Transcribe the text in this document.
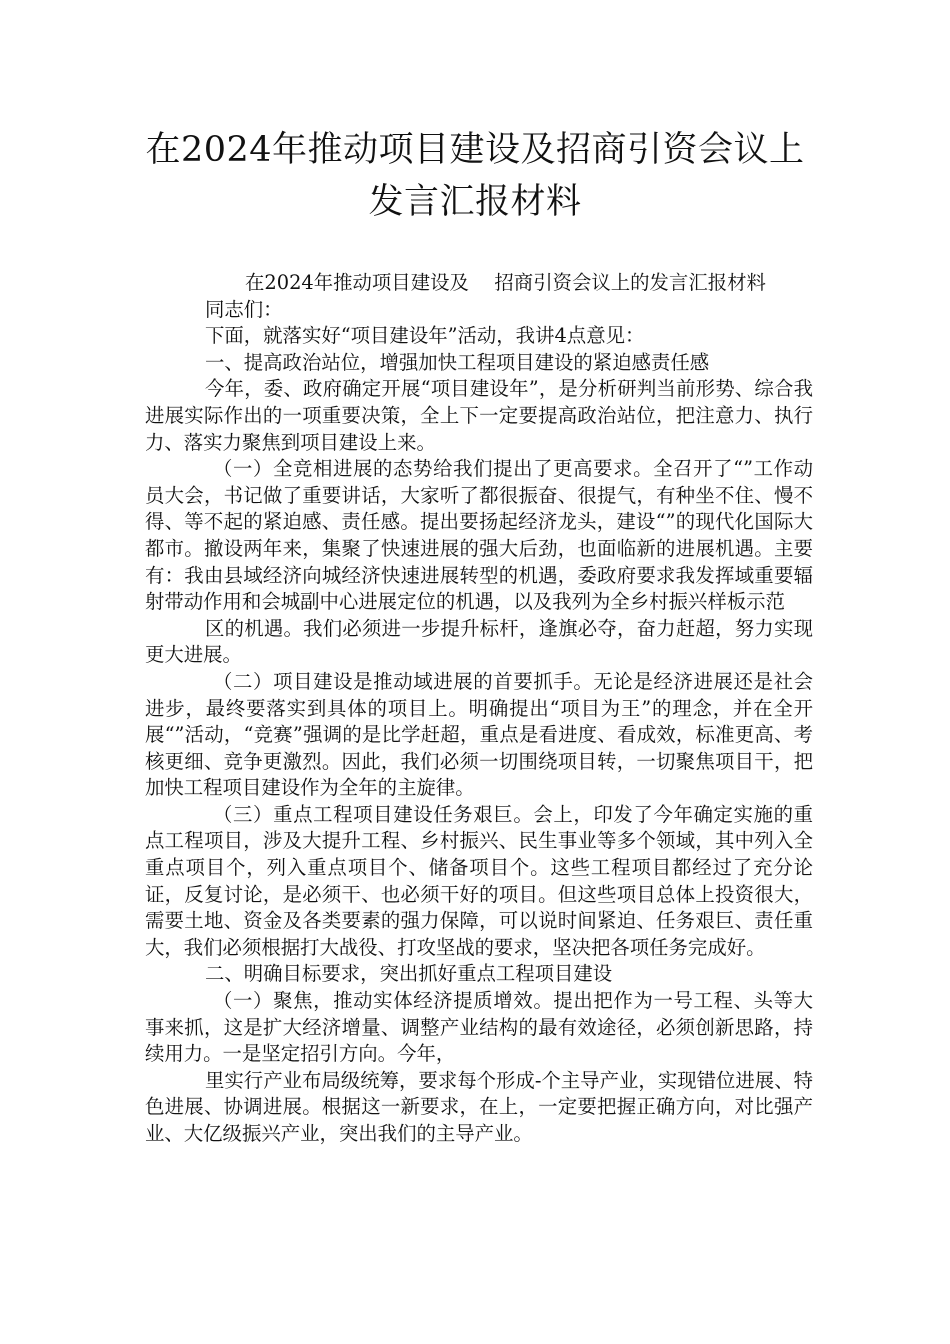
在2024年推动项目建设及招商引资会议上
发言汇报材料

在2024年推动项目建设及　 招商引资会议上的发言汇报材料

同志们：

下面，就落实好“项目建设年”活动，我讲4点意见：

一、提高政治站位，增强加快工程项目建设的紧迫感责任感

今年，委、政府确定开展“项目建设年”，是分析研判当前形势、综合我进展实际作出的一项重要决策，全上下一定要提高政治站位，把注意力、执行力、落实力聚焦到项目建设上来。

（一）全竞相进展的态势给我们提出了更高要求。全召开了“”工作动员大会，书记做了重要讲话，大家听了都很振奋、很提气，有种坐不住、慢不得、等不起的紧迫感、责任感。提出要扬起经济龙头，建设“”的现代化国际大都市。撤设两年来，集聚了快速进展的强大后劲，也面临新的进展机遇。主要有：我由县域经济向城经济快速进展转型的机遇，委政府要求我发挥域重要辐射带动作用和会城副中心进展定位的机遇，以及我列为全乡村振兴样板示范

区的机遇。我们必须进一步提升标杆，逢旗必夺，奋力赶超，努力实现更大进展。

（二）项目建设是推动域进展的首要抓手。无论是经济进展还是社会进步，最终要落实到具体的项目上。明确提出“项目为王”的理念，并在全开展“”活动，“竞赛”强调的是比学赶超，重点是看进度、看成效，标准更高、考核更细、竞争更激烈。因此，我们必须一切围绕项目转，一切聚焦项目干，把加快工程项目建设作为全年的主旋律。

（三）重点工程项目建设任务艰巨。会上，印发了今年确定实施的重点工程项目，涉及大提升工程、乡村振兴、民生事业等多个领域，其中列入全重点项目个，列入重点项目个、储备项目个。这些工程项目都经过了充分论证，反复讨论，是必须干、也必须干好的项目。但这些项目总体上投资很大，需要土地、资金及各类要素的强力保障，可以说时间紧迫、任务艰巨、责任重大，我们必须根据打大战役、打攻坚战的要求，坚决把各项任务完成好。

二、明确目标要求，突出抓好重点工程项目建设

（一）聚焦，推动实体经济提质增效。提出把作为一号工程、头等大事来抓，这是扩大经济增量、调整产业结构的最有效途径，必须创新思路，持续用力。一是坚定招引方向。今年，

里实行产业布局级统筹，要求每个形成-个主导产业，实现错位进展、特色进展、协调进展。根据这一新要求，在上，一定要把握正确方向，对比强产业、大亿级振兴产业，突出我们的主导产业。
